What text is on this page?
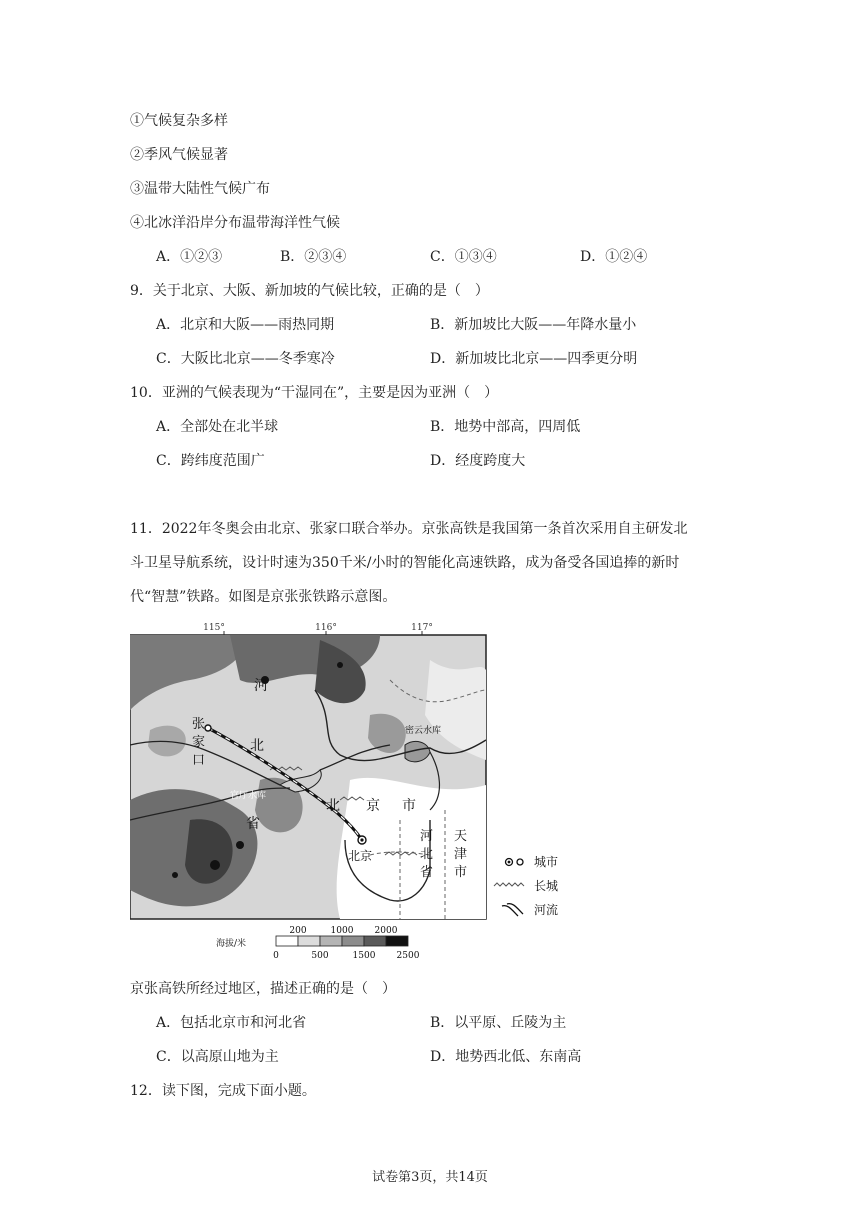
①气候复杂多样
②季风气候显著
③温带大陆性气候广布
④北冰洋沿岸分布温带海洋性气候
A．①②③	B．②③④	C．①③④	D．①②④
9．关于北京、大阪、新加坡的气候比较，正确的是（　）
A．北京和大阪——雨热同期	B．新加坡比大阪——年降水量小
C．大阪比北京——冬季寒冷	D．新加坡比北京——四季更分明
10．亚洲的气候表现为“干湿同在”，主要是因为亚洲（　）
A．全部处在北半球	B．地势中部高，四周低
C．跨纬度范围广	D．经度跨度大
11．2022年冬奥会由北京、张家口联合举办。京张高铁是我国第一条首次采用自主研发北
斗卫星导航系统，设计时速为350千米/小时的智能化高速铁路，成为备受各国追捧的新时
代“智慧”铁路。如图是京张张铁路示意图。
115°	116°	117°
河
北
省
张
家
口
北 京 市
河
北
省
天
津
市
北京
密云水库
官厅水库
城市
长城
河流
海拔/米
200	1000 2000
0	500	1500 2500
京张高铁所经过地区，描述正确的是（　）
A．包括北京市和河北省	B．以平原、丘陵为主
C．以高原山地为主	D．地势西北低、东南高
12．读下图，完成下面小题。
试卷第3页，共14页
